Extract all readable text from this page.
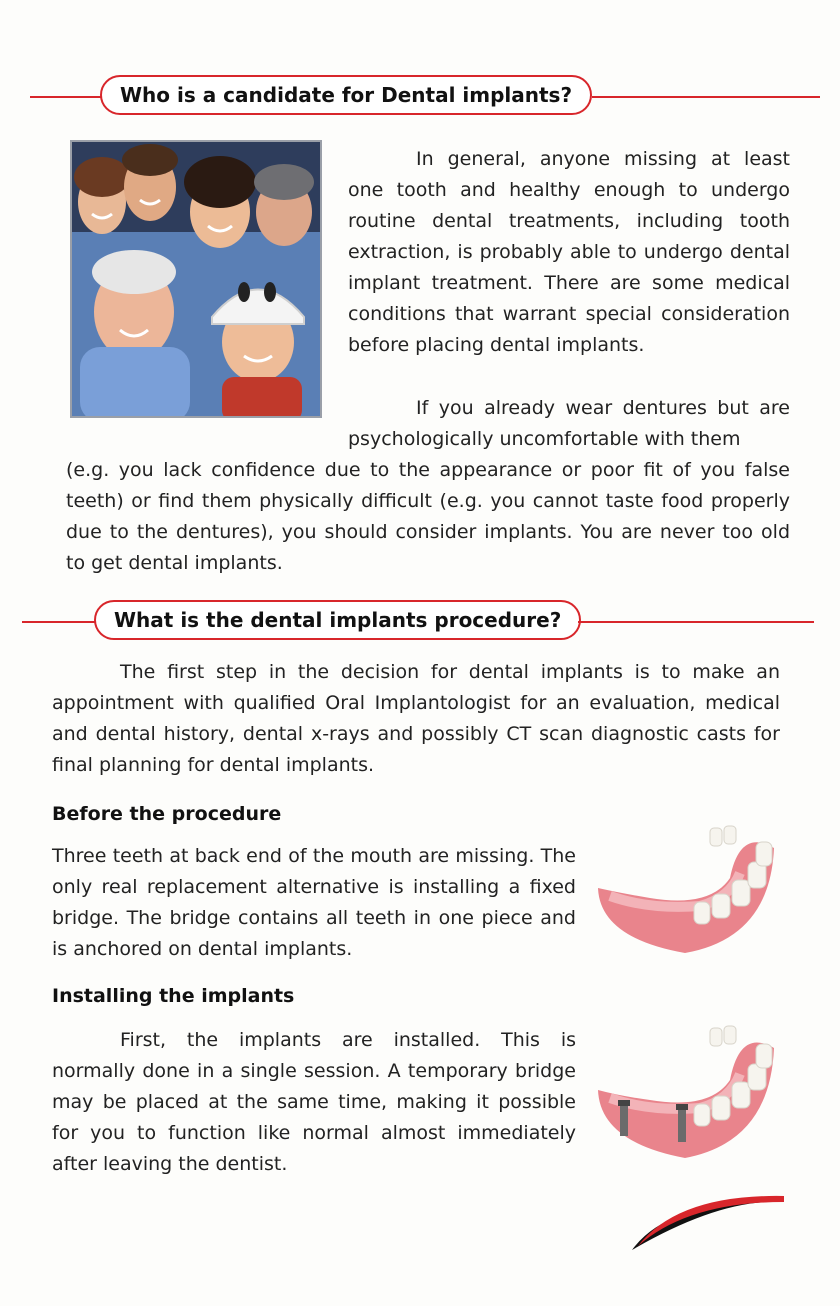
Who is a candidate for Dental implants?

In general, anyone missing at least one tooth and healthy enough to undergo routine dental treatments, including tooth extraction, is probably able to undergo dental implant treatment. There are some medical conditions that warrant special consideration before placing dental implants.

If you already wear dentures but are psychologically uncomfortable with them

(e.g. you lack confidence due to the appearance or poor fit of you false teeth) or find them physically difficult (e.g. you cannot taste food properly due to the dentures), you should consider implants. You are never too old to get dental implants.

What is the dental implants procedure?

The first step in the decision for dental implants is to make an appointment with qualified Oral Implantologist for an evaluation, medical and dental history, dental x-rays and possibly CT scan diagnostic casts for final planning for dental implants.

Before the procedure

Three teeth at back end of the mouth are missing. The only real replacement alternative is installing a fixed bridge. The bridge contains all teeth in one piece and is anchored on dental implants.

Installing the implants

First, the implants are installed. This is normally done in a single session. A temporary bridge may be placed at the same time, making it possible for you to function like normal almost immediately after leaving the dentist.
